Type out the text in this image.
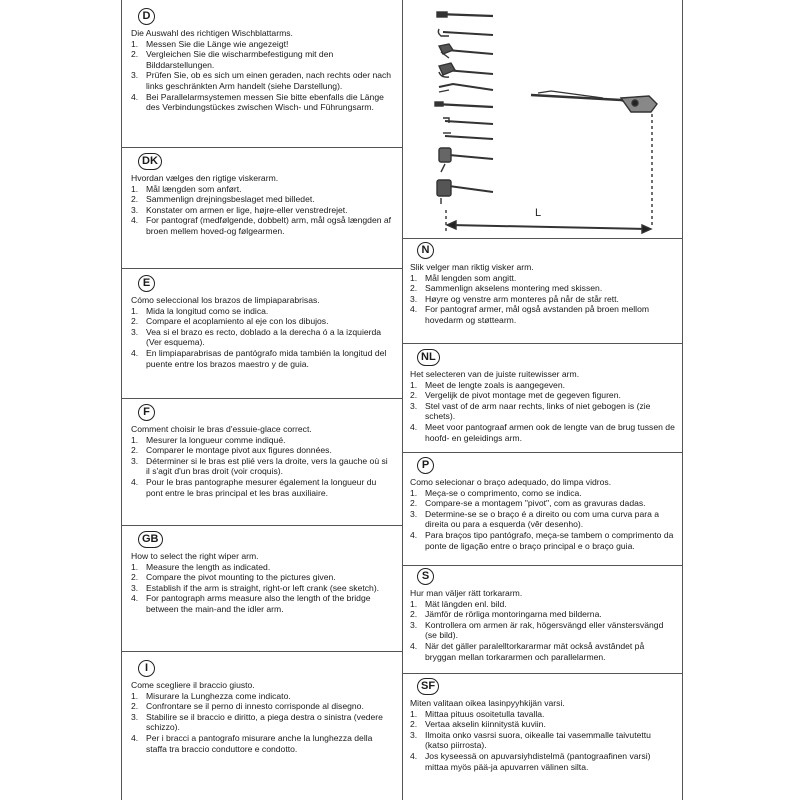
D

Die Auswahl des richtigen Wischblattarms.

1. Messen Sie die Länge wie angezeigt!
2. Vergleichen Sie die wischarmbefestigung mit den Bilddarstellungen.
3. Prüfen Sie, ob es sich um einen geraden, nach rechts oder nach links geschränkten Arm handelt (siehe Darstellung).
4. Bei Parallelarmsystemen messen Sie bitte ebenfalls die Länge des Verbindungstückes zwischen Wisch- und Führungsarm.
DK

Hvordan vælges den rigtige viskerarm.

1. Mål længden som anført.
2. Sammenlign drejningsbeslaget med billedet.
3. Konstater om armen er lige, højre-eller venstredrejet.
4. For pantograf (medfølgende, dobbelt) arm, mål også længden af broen mellem hoved-og følgearmen.
E

Cómo seleccional los brazos de limpiaparabrisas.

1. Mida la longitud como se indica.
2. Compare el acoplamiento al eje con los dibujos.
3. Vea si el brazo es recto, doblado a la derecha ó a la izquierda (Ver esquema).
4. En limpiaparabrisas de pantógrafo mida también la longitud del puente entre los brazos maestro y de guia.
F

Comment choisir le bras d'essuie-glace correct.

1. Mesurer la longueur comme indiqué.
2. Comparer le montage pivot aux figures données.
3. Déterminer si le bras est plié vers la droite, vers la gauche où si il s'agit d'un bras droit (voir croquis).
4. Pour le bras pantographe mesurer également la longueur du pont entre le bras principal et les bras auxiliaire.
GB

How to select the right wiper arm.

1. Measure the length as indicated.
2. Compare the pivot mounting to the pictures given.
3. Establish if the arm is straight, right-or left crank (see sketch).
4. For pantograph arms measure also the length of the bridge between the main-and the idler arm.
I

Come scegliere il braccio giusto.

1. Misurare la Lunghezza come indicato.
2. Confrontare se il perno di innesto corrisponde al disegno.
3. Stabilire se il braccio e diritto, a piega destra o sinistra (vedere schizzo).
4. Per i bracci a pantografo misurare anche la lunghezza della staffa tra braccio conduttore e condotto.
L
N

Slik velger man riktig visker arm.

1. Mål lengden som angitt.
2. Sammenlign akselens montering med skissen.
3. Høyre og venstre arm monteres på når de står rett.
4. For pantograf armer, mål også avstanden på broen mellom hovedarm og støttearm.
NL

Het selecteren van de juiste ruitewisser arm.

1. Meet de lengte zoals is aangegeven.
2. Vergelijk de pivot montage met de gegeven figuren.
3. Stel vast of de arm naar rechts, links of niet gebogen is (zie schets).
4. Meet voor pantograaf armen ook de lengte van de brug tussen de hoofd- en geleidings arm.
P

Como selecionar o braço adequado, do limpa vidros.

1. Meça-se o comprimento, como se indica.
2. Compare-se a montagem "pivot", com as gravuras dadas.
3. Determine-se se o braço é a direito ou com uma curva para a direita ou para a esquerda (vêr desenho).
4. Para braços tipo pantógrafo, meça-se tambem o comprimento da ponte de ligação entre o braço principal e o braço guia.
S

Hur man väljer rätt torkararm.

1. Mät längden enl. bild.
2. Jämför de rörliga montoringarna med bilderna.
3. Kontrollera om armen är rak, högersvängd eller vänstersvängd (se bild).
4. När det gäller paralelltorkararmar mät också avstândet på bryggan mellan torkararmen och parallelarmen.
SF

Miten valitaan oikea lasinpyyhkijän varsi.

1. Mittaa pituus osoitetulla tavalla.
2. Vertaa akselin kiinnitystä kuviin.
3. Ilmoita onko vasrsi suora, oikealle tai vasemmalle taivutettu (katso piirrosta).
4. Jos kyseessä on apuvarsiyhdistelmä (pantograafinen varsi) mittaa myös pää-ja apuvarren välinen silta.
